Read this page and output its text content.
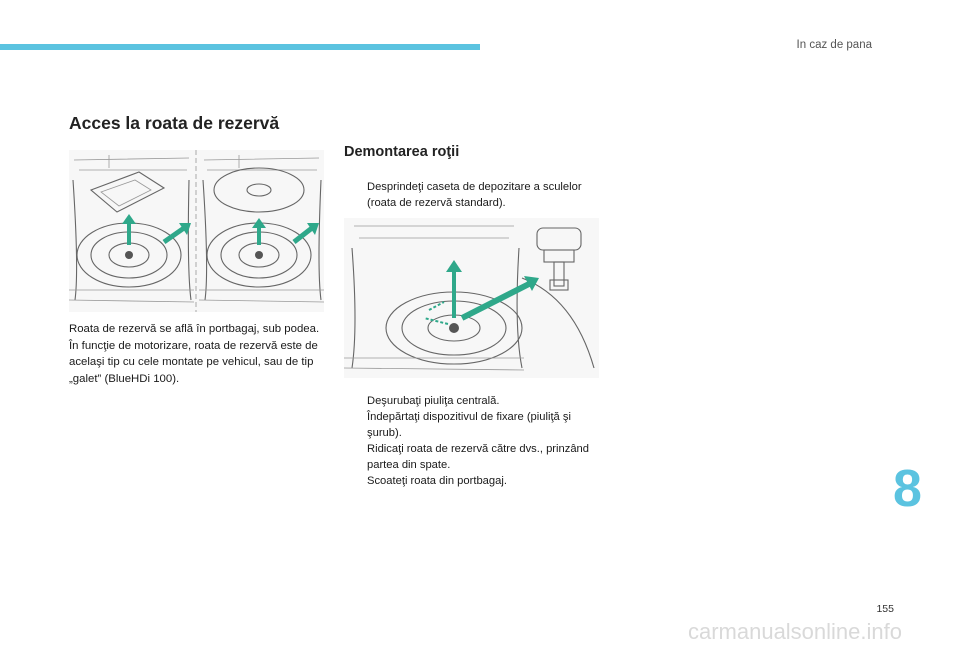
In caz de pana
Acces la roata de rezervă

Roata de rezervă se află în portbagaj, sub podea.

În funcţie de motorizare, roata de rezervă este de acelaşi tip cu cele montate pe vehicul, sau de tip „galet” (BlueHDi 100).

Demontarea roţii
Desprindeţi caseta de depozitare a sculelor (roata de rezervă standard).
Deşurubaţi piuliţa centrală.
Îndepărtaţi dispozitivul de fixare (piuliţă şi şurub).
Ridicaţi roata de rezervă către dvs., prinzând partea din spate.
Scoateţi roata din portbagaj.	8
155
carmanualsonline.info
